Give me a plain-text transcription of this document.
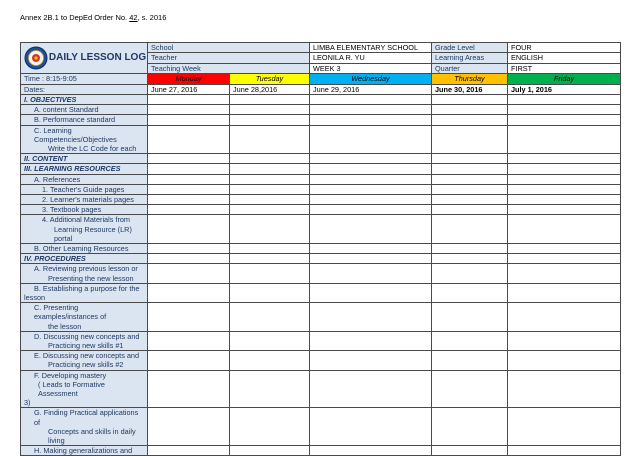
Annex 2B.1 to DepEd Order No. 42, s. 2016
DAILY LESSON LOG	School		LIMBA ELEMENTARY SCHOOL	Grade Level	FOUR
	Teacher		LEONILA R. YU	Learning Areas	ENGLISH
	Teaching Week		WEEK 3	Quarter	FIRST
Time : 8:15-9:05	Monday	Tuesday	Wednesday	Thursday	Friday
Dates:	June 27, 2016	June 28,2016	June 29, 2016	June 30, 2016	July 1, 2016

I. OBJECTIVES					

A. content Standard					

B. Performance standard					

C. Learning Competencies/Objectives
Write the LC Code for each					

II. CONTENT					

III. LEARNING RESOURCES					

A. References					

1. Teacher's Guide pages					

2. Learner's materials pages					

3. Textbook pages					

4. Additional Materials from
Learning Resource (LR) portal					

B. Other Learning Resources					

IV. PROCEDURES					

A. Reviewing previous lesson or
Presenting the new lesson					

B. Establishing a purpose for the
lesson					

C. Presenting examples/instances of
the lesson					

D. Discussing new concepts and
Practicing new skills #1					

E. Discussing new concepts and
Practicing new skills #2					

F. Developing mastery
( Leads to Formative Assessment
3)					

G. Finding Practical applications of
Concepts and skills in daily living					

H. Making generalizations and					
